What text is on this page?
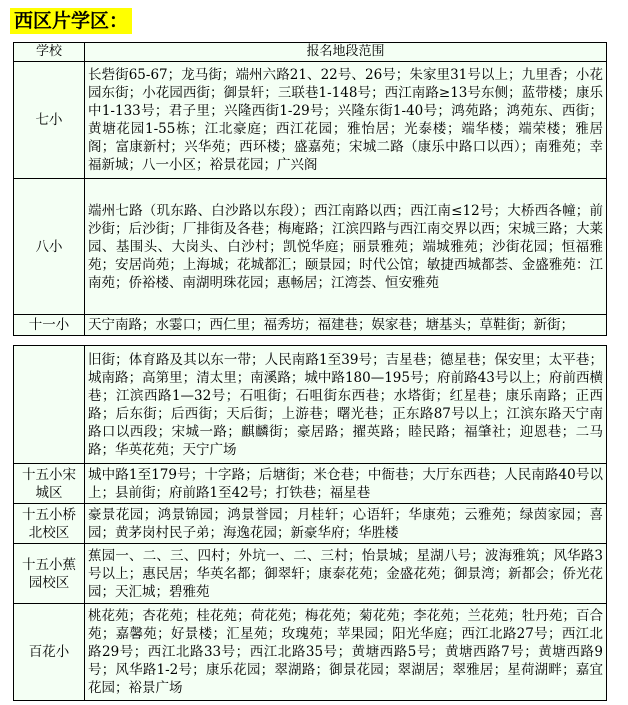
西区片学区：
学校	报名地段范围
七小	长砦街65-67；龙马街；端州六路21、22号、26号；朱家里31号以上；九里香；小花园东街；小花园西街；御景轩；三联巷1-148号；西江南路≥13号东侧；蓝带楼；康乐中1-133号；君子里；兴隆西街1-29号；兴隆东街1-40号；鸿苑路；鸿苑东、西街；黄塘花园1-55栋；江北豪庭；西江花园；雅怡居；光泰楼；端华楼；端荣楼；雅居阁；富康新村；兴华苑；西环楼；盛嘉苑；宋城二路（康乐中路口以西）；南雅苑；幸福新城；八一小区；裕景花园；广兴阁
八小	端州七路（玑东路、白沙路以东段）；西江南路以西；西江南≤12号；大桥西各幢；前沙街；后沙街；厂排街及各巷；梅庵路；江滨四路与西江南交界以西；宋城三路；大莱园、基围头、大岗头、白沙村；凯悦华庭；丽景雅苑；端城雅苑；沙街花园；恒福雅苑；安居尚苑；上海城；花城都汇；颐景园；时代公馆；敏捷西城都荟、金盛雅苑：江南苑；侨裕楼、南湖明珠花园；惠畅居；江湾荟、恒安雅苑
十一小	天宁南路；水霎口；西仁里；福秀坊；福建巷；娱家巷；塘基头；草鞋街；新街；
	旧街；体育路及其以东一带；人民南路1至39号；吉星巷；德星巷；保安里；太平巷；城南路；高第里；清太里；南溪路；城中路180—195号；府前路43号以上；府前西横巷；江滨西路1—32号；石咀街；石咀街东西巷；水塔街；红星巷；康乐南路；正西路；后东街；后西街；天后街；上游巷；曙光巷；正东路87号以上；江滨东路天宁南路口以西段；宋城一路；麒麟街；豪居路；擢英路；睦民路；福肇社；迎恩巷；二马路；华英花苑；天宁广场
十五小宋城区	城中路1至179号；十字路；后塘街；米仓巷；中衙巷；大厅东西巷；人民南路40号以上；县前街；府前路1至42号；打铁巷；福星巷
十五小桥北校区	豪景花园；鸿景锦园；鸿景誉园；月桂轩；心语轩；华康苑；云雅苑；绿茵家园；喜园；黄茅岗村民子弟；海逸花园；新豪华府；华胜楼
十五小蕉园校区	蕉园一、二、三、四村；外坑一、二、三村；怡景城；星湖八号；波海雅筑；风华路3号以上；惠民居；华英名都；御翠轩；康泰花苑；金盛花苑；御景湾；新都会；侨光花园；天汇城；碧雅苑
百花小	桃花苑；杏花苑；桂花苑；荷花苑；梅花苑；菊花苑；李花苑；兰花苑；牡丹苑；百合苑；嘉馨苑；好景楼；汇星苑；玫瑰苑；苹果园；阳光华庭；西江北路27号；西江北路29号；西江北路33号；西江北路35号；黄塘西路5号；黄塘西路7号；黄塘西路9号；风华路1-2号；康乐花园；翠湖路；御景花园；翠湖居；翠雅居；星荷湖畔；嘉宜花园；裕景广场
